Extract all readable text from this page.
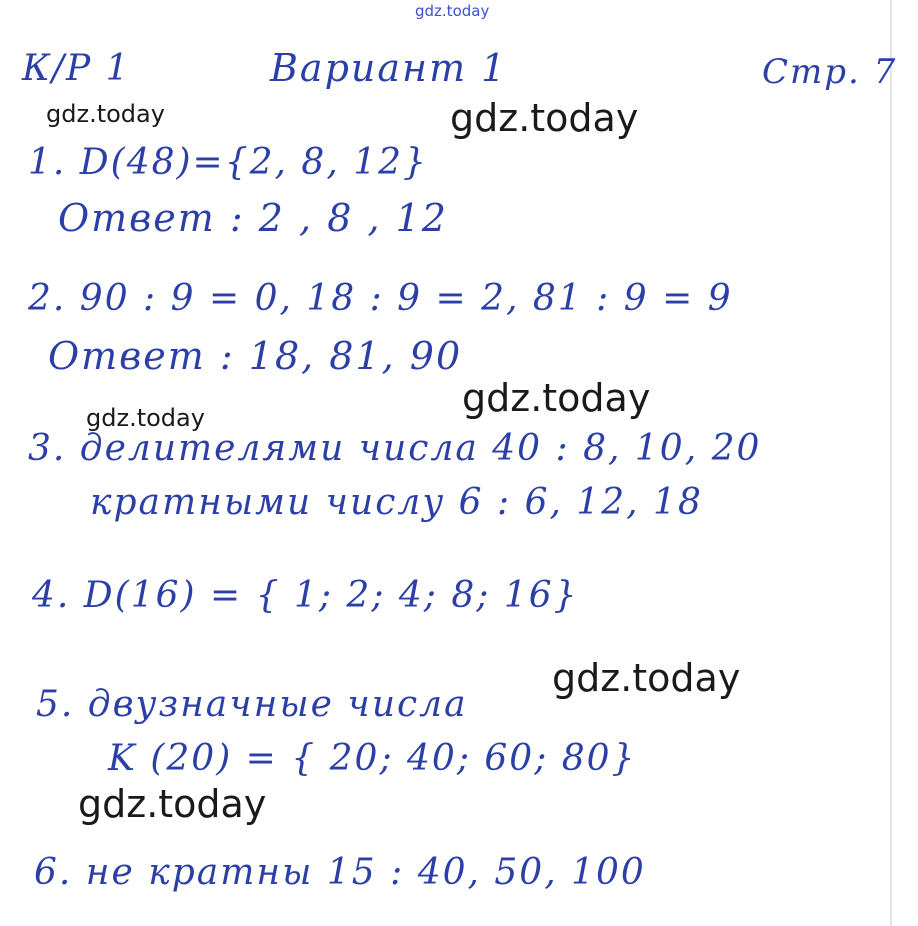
gdz.today
К/Р 1	Вариант 1	Стр. 7
1. D(48)={2, 8, 12}
Ответ : 2 , 8 , 12
2. 90 : 9 = 0, 18 : 9 = 2, 81 : 9 = 9
Ответ : 18, 81, 90
3. делителями числа 40 : 8, 10, 20
кратными числу 6 : 6, 12, 18
4. D(16) = { 1; 2; 4; 8; 16}
5. двузначные числа
K (20) = { 20; 40; 60; 80}
6. не кратны 15 : 40, 50, 100
gdz.today	gdz.today
gdz.today
gdz.today
gdz.today
gdz.today
